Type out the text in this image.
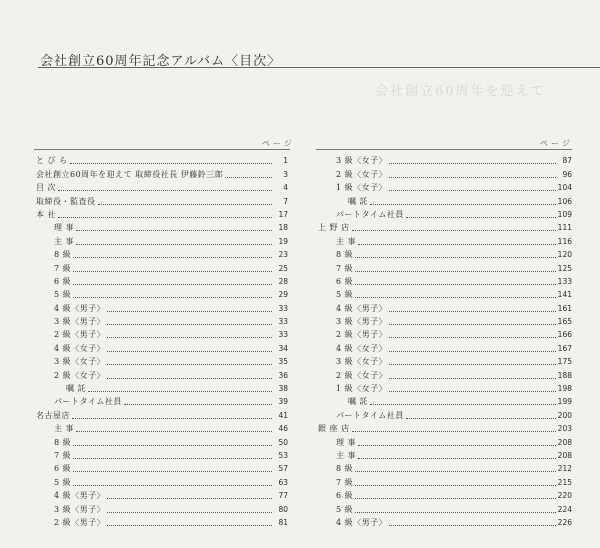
会社創立60周年記念アルバム〈目次〉
会社創立60周年を迎えて
ページ
と び ら	1
会社創立60周年を迎えて 取締役社長 伊藤鈴三郎	3
目 次	4
取締役・監査役	7
本 社	17
理 事	18
主 事	19
8 級	23
7 級	25
6 級	28
5 級	29
4 級〈男子〉	33
3 級〈男子〉	33
2 級〈男子〉	33
4 級〈女子〉	34
3 級〈女子〉	35
2 級〈女子〉	36
嘱 託	38
パートタイム社員	39
名古屋店	41
主 事	46
8 級	50
7 級	53
6 級	57
5 級	63
4 級〈男子〉	77
3 級〈男子〉	80
2 級〈男子〉	81
ページ
3 級〈女子〉	87
2 級〈女子〉	96
1 級〈女子〉	104
嘱 託	106
パートタイム社員	109
上 野 店	111
主 事	116
8 級	120
7 級	125
6 級	133
5 級	141
4 級〈男子〉	161
3 級〈男子〉	165
2 級〈男子〉	166
4 級〈女子〉	167
3 級〈女子〉	175
2 級〈女子〉	188
1 級〈女子〉	198
嘱 託	199
パートタイム社員	200
銀 座 店	203
理 事	208
主 事	208
8 級	212
7 級	215
6 級	220
5 級	224
4 級〈男子〉	226
